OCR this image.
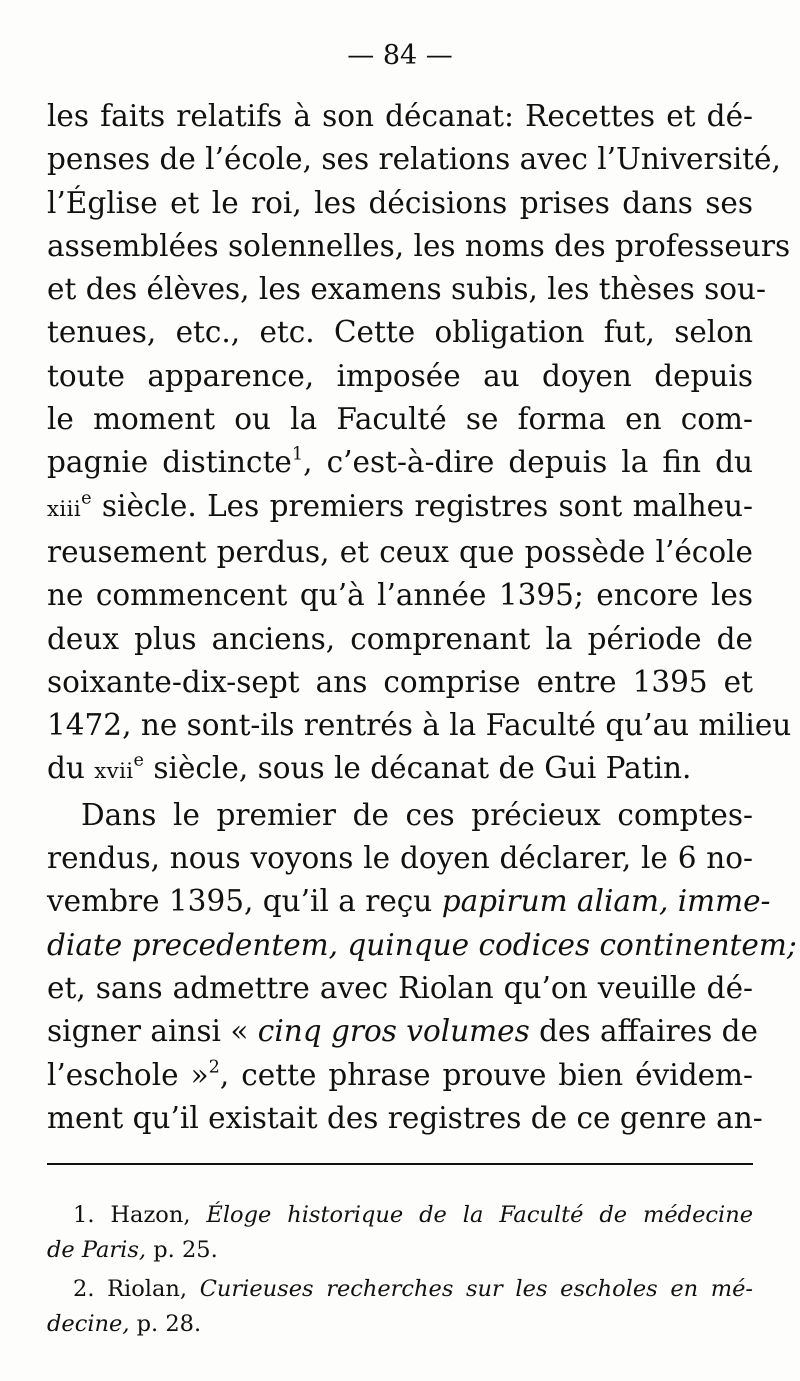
— 84 —
les faits relatifs à son décanat: Recettes et dé-
penses de l’école, ses relations avec l’Université,
l’Église et le roi, les décisions prises dans ses
assemblées solennelles, les noms des professeurs
et des élèves, les examens subis, les thèses sou-
tenues, etc., etc. Cette obligation fut, selon
toute apparence, imposée au doyen depuis
le moment ou la Faculté se forma en com-
pagnie distincte$^1$, c’est-à-dire depuis la fin du
xiii$^e$ siècle. Les premiers registres sont malheu-
reusement perdus, et ceux que possède l’école
ne commencent qu’à l’année 1395; encore les
deux plus anciens, comprenant la période de
soixante-dix-sept ans comprise entre 1395 et
1472, ne sont-ils rentrés à la Faculté qu’au milieu
du xvii$^e$ siècle, sous le décanat de Gui Patin.
Dans le premier de ces précieux comptes-
rendus, nous voyons le doyen déclarer, le 6 no-
vembre 1395, qu’il a reçu papirum aliam, imme-
diate precedentem, quinque codices continentem;
et, sans admettre avec Riolan qu’on veuille dé-
signer ainsi « cinq gros volumes des affaires de
l’eschole »$^2$, cette phrase prouve bien évidem-
ment qu’il existait des registres de ce genre an-
1. Hazon, Éloge historique de la Faculté de médecine
de Paris, p. 25.
2. Riolan, Curieuses recherches sur les escholes en mé-
decine, p. 28.
